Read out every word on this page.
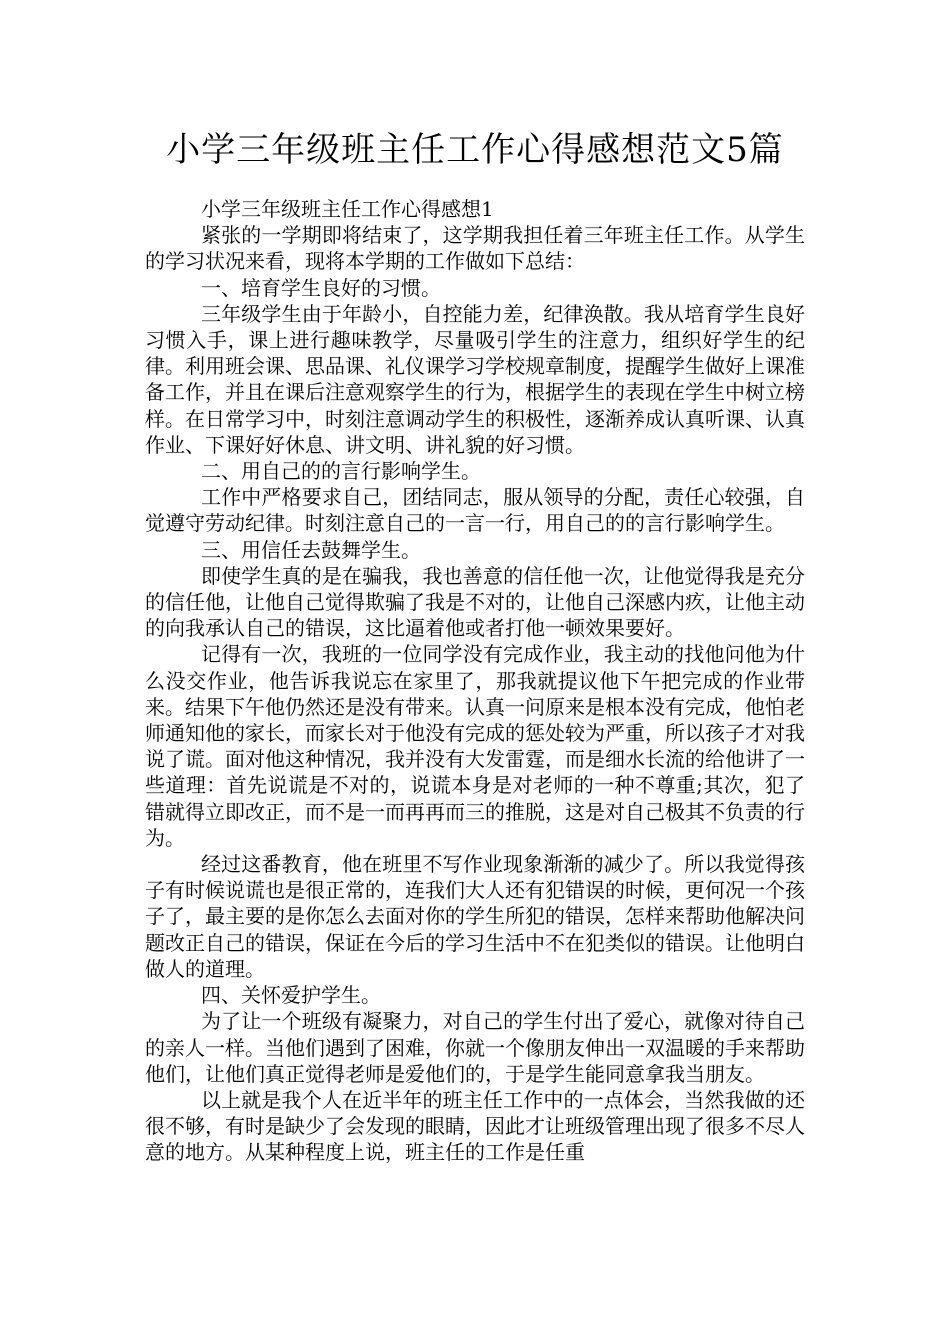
小学三年级班主任工作心得感想范文5篇

小学三年级班主任工作心得感想1

紧张的一学期即将结束了，这学期我担任着三年班主任工作。从学生的学习状况来看，现将本学期的工作做如下总结：

一、培育学生良好的习惯。

三年级学生由于年龄小，自控能力差，纪律涣散。我从培育学生良好习惯入手，课上进行趣味教学，尽量吸引学生的注意力，组织好学生的纪律。利用班会课、思品课、礼仪课学习学校规章制度，提醒学生做好上课准备工作，并且在课后注意观察学生的行为，根据学生的表现在学生中树立榜样。在日常学习中，时刻注意调动学生的积极性，逐渐养成认真听课、认真作业、下课好好休息、讲文明、讲礼貌的好习惯。

二、用自己的的言行影响学生。

工作中严格要求自己，团结同志，服从领导的分配，责任心较强，自觉遵守劳动纪律。时刻注意自己的一言一行，用自己的的言行影响学生。

三、用信任去鼓舞学生。

即使学生真的是在骗我，我也善意的信任他一次，让他觉得我是充分的信任他，让他自己觉得欺骗了我是不对的，让他自己深感内疚，让他主动的向我承认自己的错误，这比逼着他或者打他一顿效果要好。

记得有一次，我班的一位同学没有完成作业，我主动的找他问他为什么没交作业，他告诉我说忘在家里了，那我就提议他下午把完成的作业带来。结果下午他仍然还是没有带来。认真一问原来是根本没有完成，他怕老师通知他的家长，而家长对于他没有完成的惩处较为严重，所以孩子才对我说了谎。面对他这种情况，我并没有大发雷霆，而是细水长流的给他讲了一些道理：首先说谎是不对的，说谎本身是对老师的一种不尊重;其次，犯了错就得立即改正，而不是一而再再而三的推脱，这是对自己极其不负责的行为。

经过这番教育，他在班里不写作业现象渐渐的减少了。所以我觉得孩子有时候说谎也是很正常的，连我们大人还有犯错误的时候，更何况一个孩子了，最主要的是你怎么去面对你的学生所犯的错误，怎样来帮助他解决问题改正自己的错误，保证在今后的学习生活中不在犯类似的错误。让他明白做人的道理。

四、关怀爱护学生。

为了让一个班级有凝聚力，对自己的学生付出了爱心，就像对待自己的亲人一样。当他们遇到了困难，你就一个像朋友伸出一双温暖的手来帮助他们，让他们真正觉得老师是爱他们的，于是学生能同意拿我当朋友。

以上就是我个人在近半年的班主任工作中的一点体会，当然我做的还很不够，有时是缺少了会发现的眼睛，因此才让班级管理出现了很多不尽人意的地方。从某种程度上说，班主任的工作是任重
